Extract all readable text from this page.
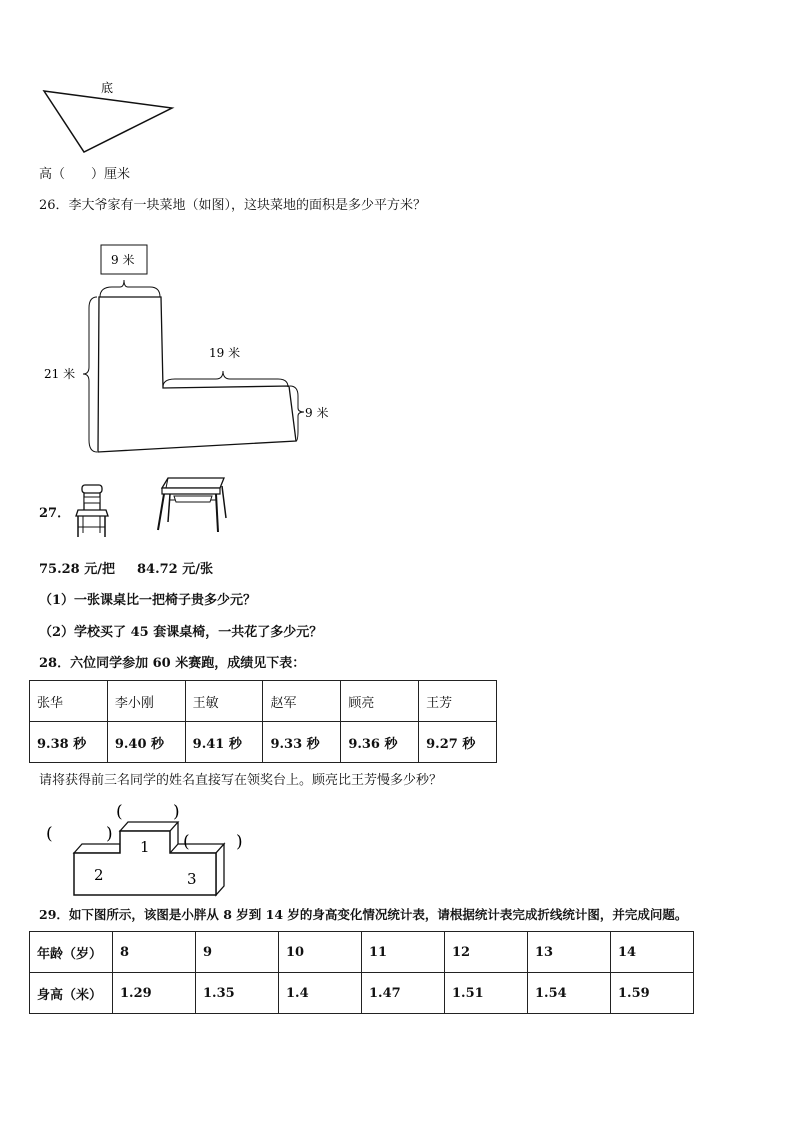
底
高（ ）厘米
26．李大爷家有一块菜地（如图），这块菜地的面积是多少平方米？
9 米
21 米
19 米
9 米
27．
75.28 元/把 84.72 元/张
（1）一张课桌比一把椅子贵多少元？
（2）学校买了 45 套课桌椅，一共花了多少元？
28．六位同学参加 60 米赛跑，成绩见下表：
张华	李小刚	王敏	赵军	顾亮	王芳
9.38 秒	9.40 秒	9.41 秒	9.33 秒	9.36 秒	9.27 秒
请将获得前三名同学的姓名直接写在领奖台上。顾亮比王芳慢多少秒？
1
2	3
(	)
(	)	(	)
29．如下图所示，该图是小胖从 8 岁到 14 岁的身高变化情况统计表，请根据统计表完成折线统计图，并完成问题。
年龄（岁）	8	9	10	11	12	13	14
身高（米）	1.29	1.35	1.4	1.47	1.51	1.54	1.59
